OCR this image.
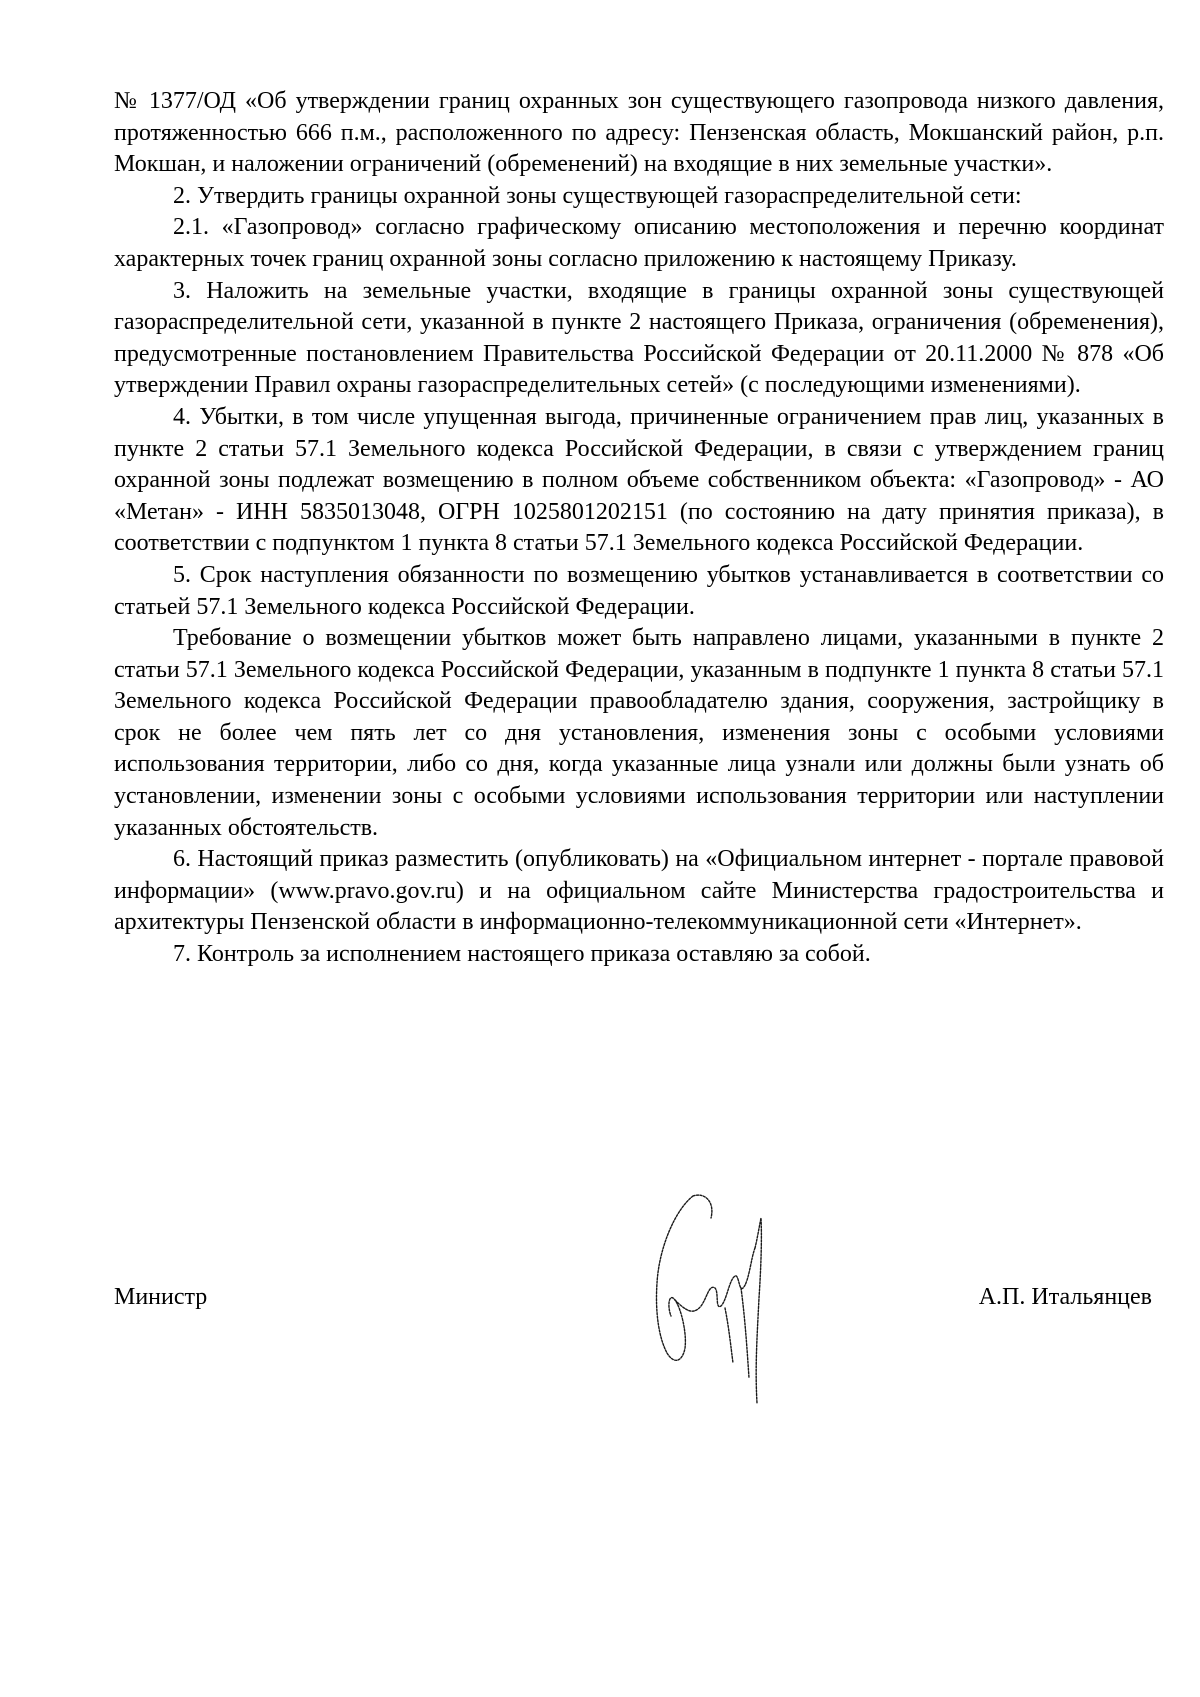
№ 1377/ОД «Об утверждении границ охранных зон существующего газопровода низкого давления, протяженностью 666 п.м., расположенного по адресу: Пензенская область, Мокшанский район, р.п. Мокшан, и наложении ограничений (обременений) на входящие в них земельные участки».

2. Утвердить границы охранной зоны существующей газораспределительной сети:

2.1. «Газопровод» согласно графическому описанию местоположения и перечню координат характерных точек границ охранной зоны согласно приложению к настоящему Приказу.

3. Наложить на земельные участки, входящие в границы охранной зоны существующей газораспределительной сети, указанной в пункте 2 настоящего Приказа, ограничения (обременения), предусмотренные постановлением Правительства Российской Федерации от 20.11.2000 № 878 «Об утверждении Правил охраны газораспределительных сетей» (с последующими изменениями).

4. Убытки, в том числе упущенная выгода, причиненные ограничением прав лиц, указанных в пункте 2 статьи 57.1 Земельного кодекса Российской Федерации, в связи с утверждением границ охранной зоны подлежат возмещению в полном объеме собственником объекта: «Газопровод» - АО «Метан» - ИНН 5835013048, ОГРН 1025801202151 (по состоянию на дату принятия приказа), в соответствии с подпунктом 1 пункта 8 статьи 57.1 Земельного кодекса Российской Федерации.

5. Срок наступления обязанности по возмещению убытков устанавливается в соответствии со статьей 57.1 Земельного кодекса Российской Федерации.

Требование о возмещении убытков может быть направлено лицами, указанными в пункте 2 статьи 57.1 Земельного кодекса Российской Федерации, указанным в подпункте 1 пункта 8 статьи 57.1 Земельного кодекса Российской Федерации правообладателю здания, сооружения, застройщику в срок не более чем пять лет со дня установления, изменения зоны с особыми условиями использования территории, либо со дня, когда указанные лица узнали или должны были узнать об установлении, изменении зоны с особыми условиями использования территории или наступлении указанных обстоятельств.

6. Настоящий приказ разместить (опубликовать) на «Официальном интернет - портале правовой информации» (www.pravo.gov.ru) и на официальном сайте Министерства градостроительства и архитектуры Пензенской области в информационно-телекоммуникационной сети «Интернет».

7. Контроль за исполнением настоящего приказа оставляю за собой.

Министр	А.П. Итальянцев
